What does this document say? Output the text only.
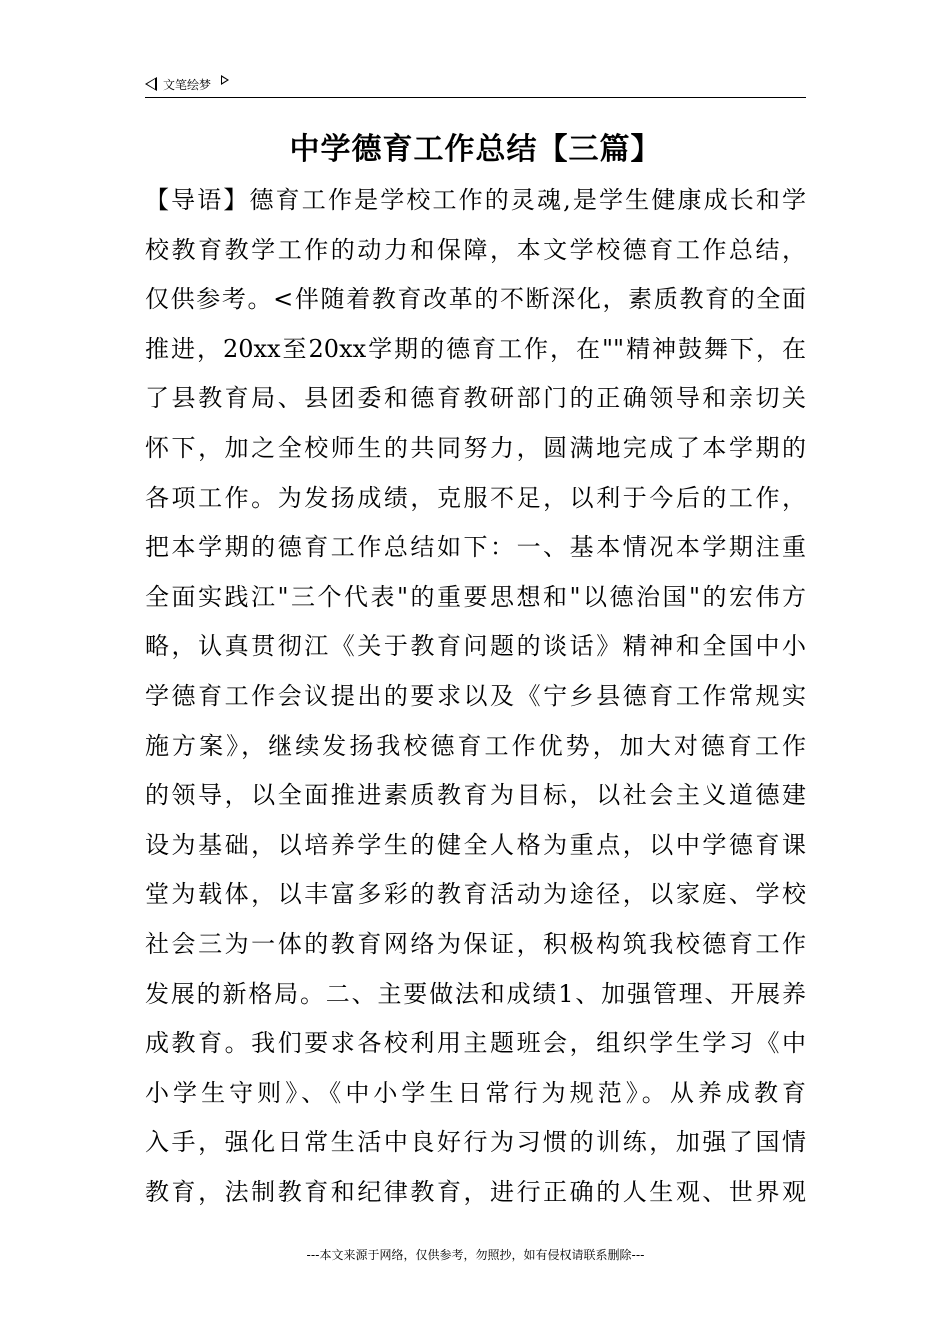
文笔绘梦
中学德育工作总结【三篇】
【导语】德育工作是学校工作的灵魂,是学生健康成长和学
校教育教学工作的动力和保障，本文学校德育工作总结，
仅供参考。<伴随着教育改革的不断深化，素质教育的全面
推进，20xx至20xx学期的德育工作，在""精神鼓舞下，在
了县教育局、县团委和德育教研部门的正确领导和亲切关
怀下，加之全校师生的共同努力，圆满地完成了本学期的
各项工作。为发扬成绩，克服不足，以利于今后的工作，
把本学期的德育工作总结如下：一、基本情况本学期注重
全面实践江"三个代表"的重要思想和"以德治国"的宏伟方
略，认真贯彻江《关于教育问题的谈话》精神和全国中小
学德育工作会议提出的要求以及《宁乡县德育工作常规实
施方案》，继续发扬我校德育工作优势，加大对德育工作
的领导，以全面推进素质教育为目标，以社会主义道德建
设为基础，以培养学生的健全人格为重点，以中学德育课
堂为载体，以丰富多彩的教育活动为途径，以家庭、学校
社会三为一体的教育网络为保证，积极构筑我校德育工作
发展的新格局。二、主要做法和成绩1、加强管理、开展养
成教育。我们要求各校利用主题班会，组织学生学习《中
小学生守则》、《中小学生日常行为规范》。从养成教育
入手，强化日常生活中良好行为习惯的训练，加强了国情
教育，法制教育和纪律教育，进行正确的人生观、世界观
---本文来源于网络，仅供参考，勿照抄，如有侵权请联系删除---
